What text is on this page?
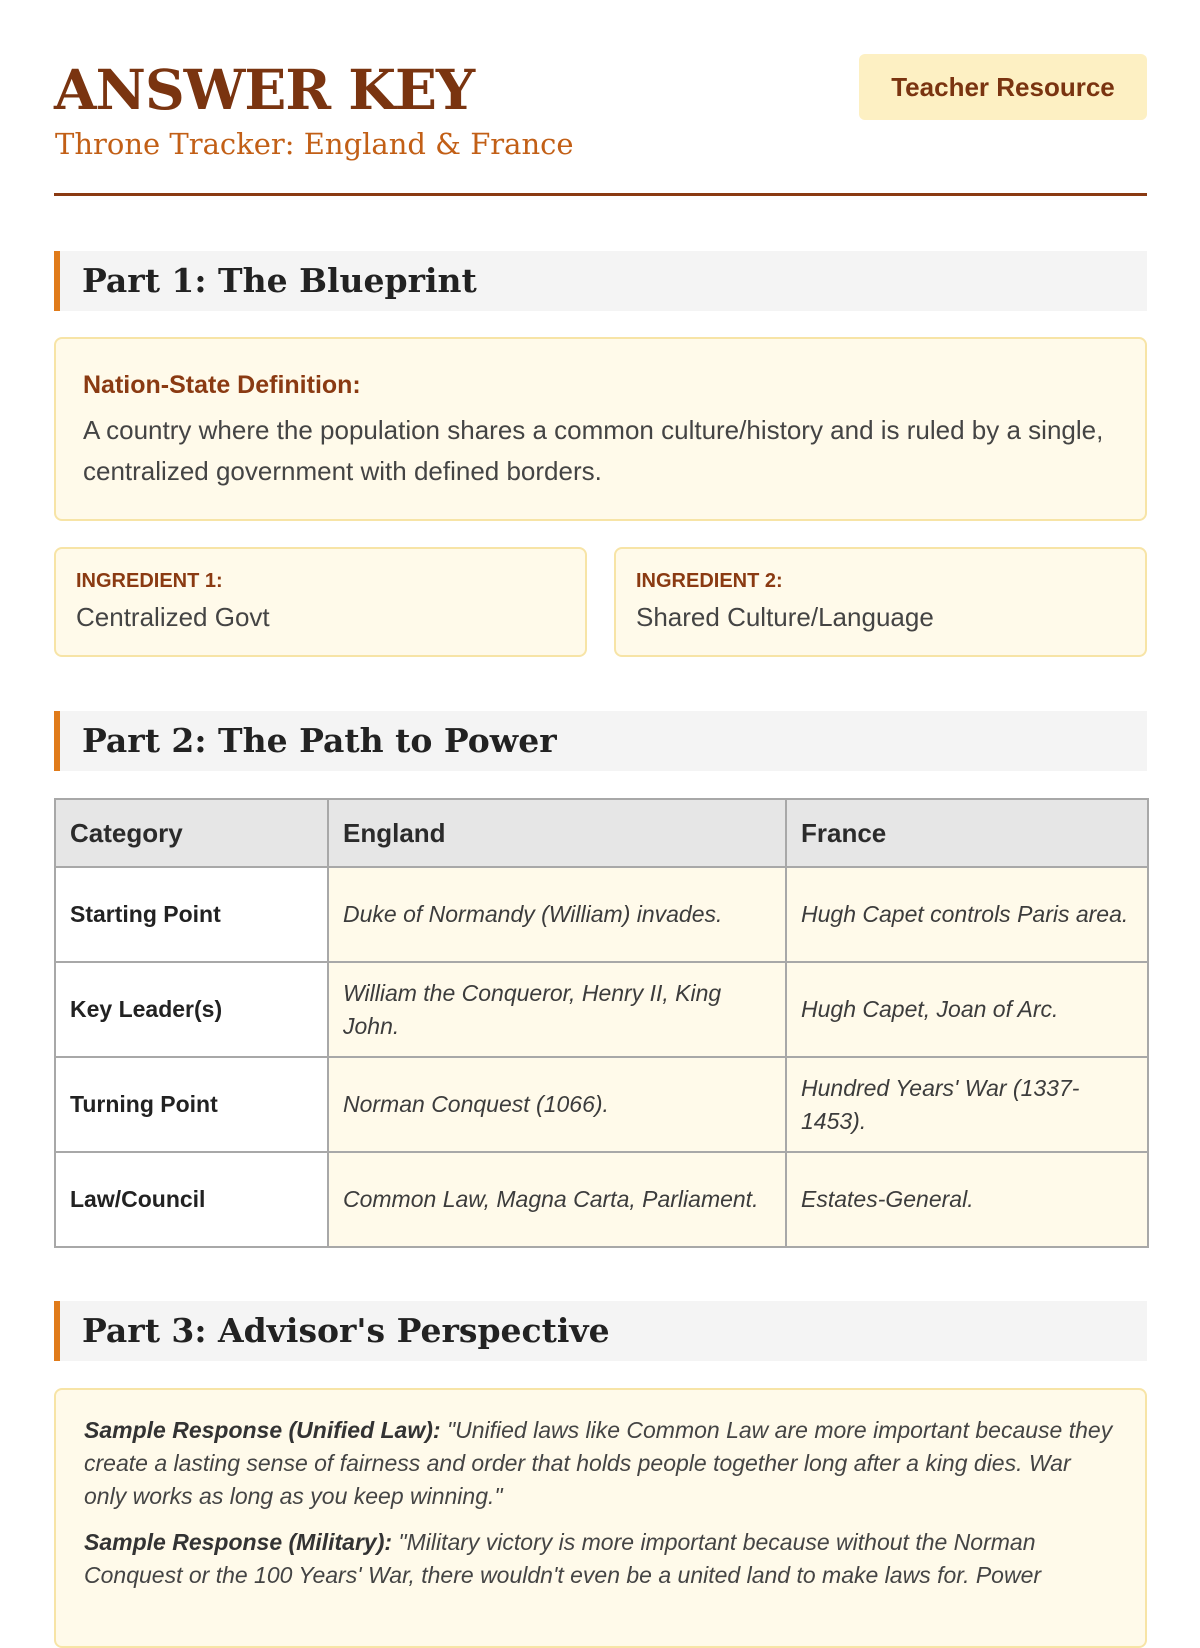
ANSWER KEY
Throne Tracker: England & France
Teacher Resource
Part 1: The Blueprint

Nation-State Definition:

A country where the population shares a common culture/history and is ruled by a single, centralized government with defined borders.

INGREDIENT 1:
Centralized Govt
INGREDIENT 2:
Shared Culture/Language
Part 2: The Path to Power
Category	England	France
Starting Point	Duke of Normandy (William) invades.	Hugh Capet controls Paris area.
Key Leader(s)	William the Conqueror, Henry II, King John.	Hugh Capet, Joan of Arc.
Turning Point	Norman Conquest (1066).	Hundred Years' War (1337-1453).
Law/Council	Common Law, Magna Carta, Parliament.	Estates-General.
Part 3: Advisor's Perspective

Sample Response (Unified Law): "Unified laws like Common Law are more important because they create a lasting sense of fairness and order that holds people together long after a king dies. War only works as long as you keep winning."

Sample Response (Military): "Military victory is more important because without the Norman Conquest or the 100 Years' War, there wouldn't even be a united land to make laws for. Power
